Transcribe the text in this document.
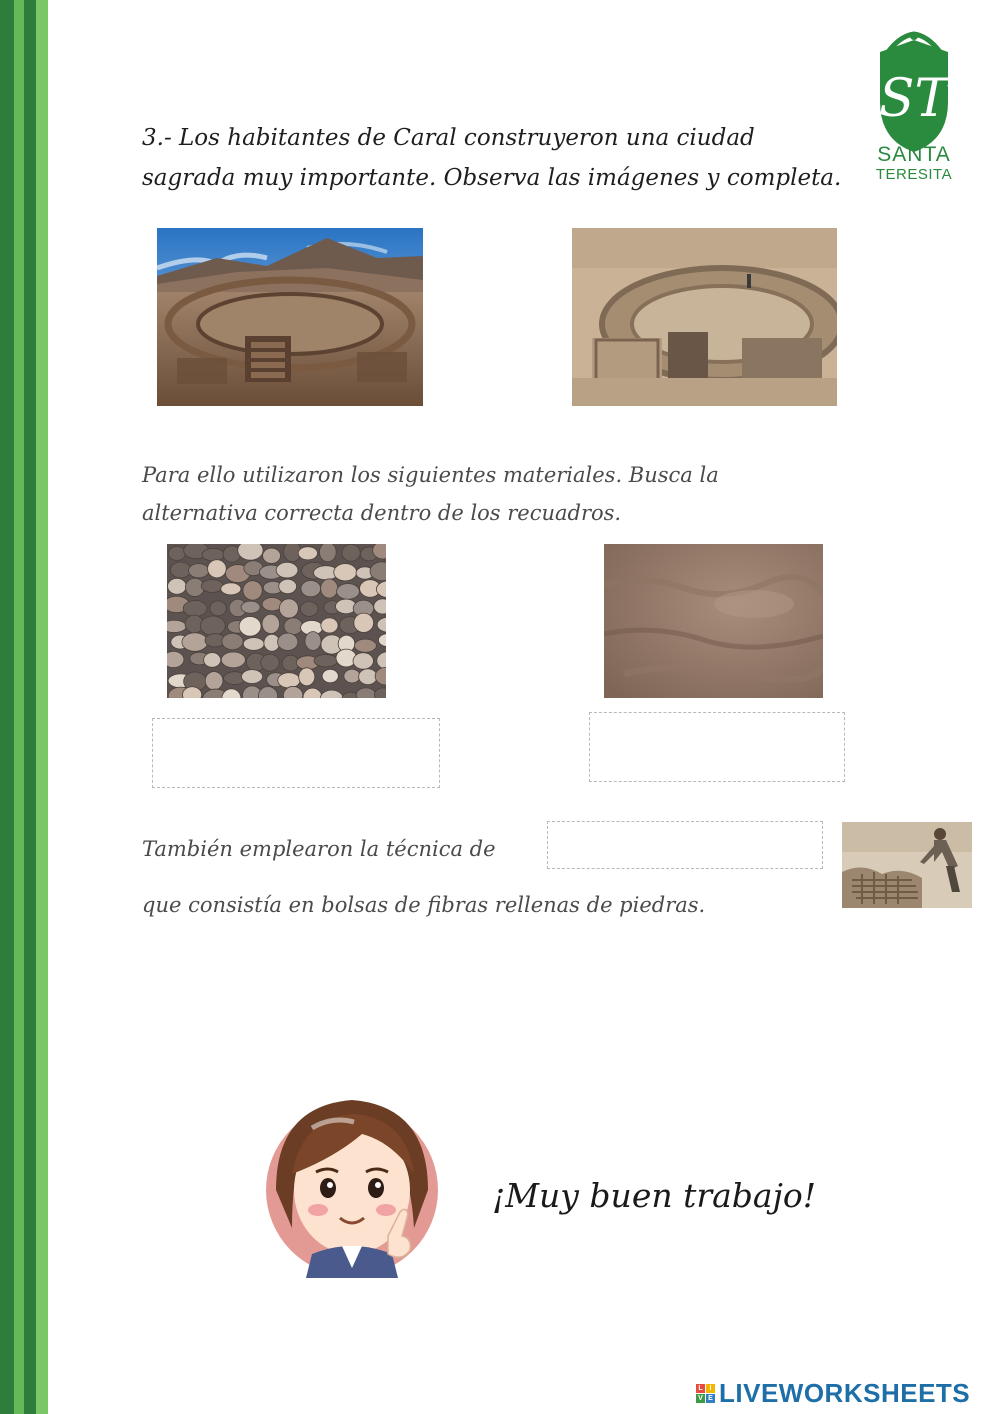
ST
SANTA
TERESITA
3.- Los habitantes de Caral construyeron una ciudad
sagrada muy importante. Observa las imágenes y completa.
Para ello utilizaron los siguientes materiales. Busca la
alternativa correcta dentro de los recuadros.
También emplearon la técnica de
que consistía en bolsas de fibras rellenas de piedras.
¡Muy buen trabajo!
L I
V E LIVEWORKSHEETS
